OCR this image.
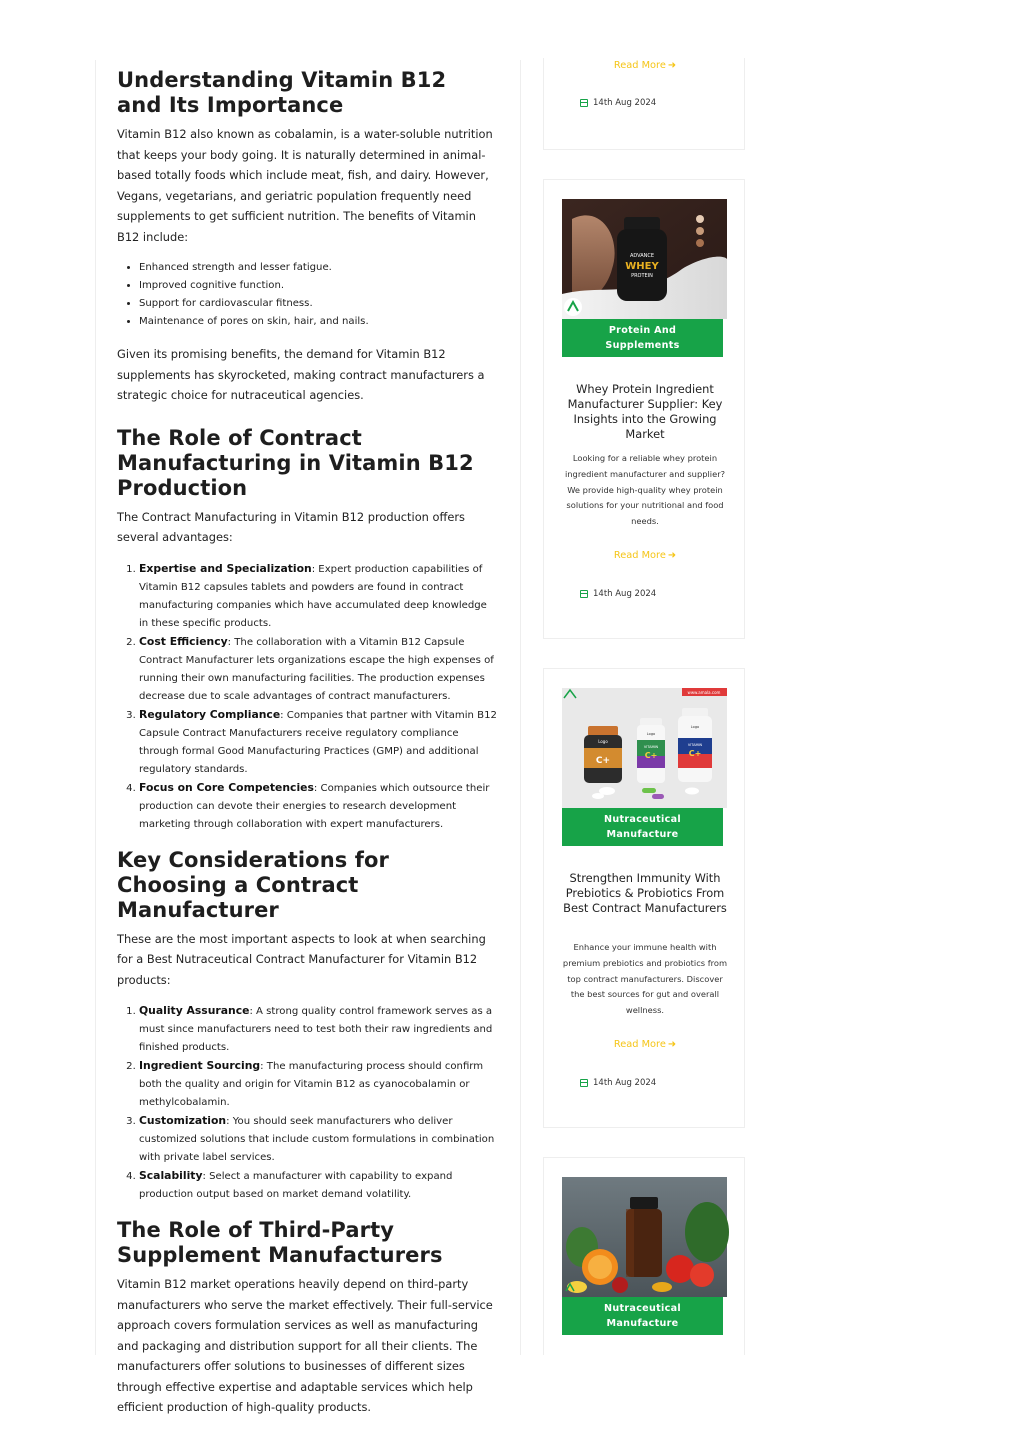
Understanding Vitamin B12 and Its Importance

Vitamin B12 also known as cobalamin, is a water-soluble nutrition that keeps your body going. It is naturally determined in animal-based totally foods which include meat, fish, and dairy. However, Vegans, vegetarians, and geriatric population frequently need supplements to get sufficient nutrition. The benefits of Vitamin B12 include:

• Enhanced strength and lesser fatigue.
• Improved cognitive function.
• Support for cardiovascular fitness.
• Maintenance of pores on skin, hair, and nails.

Given its promising benefits, the demand for Vitamin B12 supplements has skyrocketed, making contract manufacturers a strategic choice for nutraceutical agencies.

The Role of Contract Manufacturing in Vitamin B12 Production

The Contract Manufacturing in Vitamin B12 production offers several advantages:

1. Expertise and Specialization: Expert production capabilities of Vitamin B12 capsules tablets and powders are found in contract manufacturing companies which have accumulated deep knowledge in these specific products.
2. Cost Efficiency: The collaboration with a Vitamin B12 Capsule Contract Manufacturer lets organizations escape the high expenses of running their own manufacturing facilities. The production expenses decrease due to scale advantages of contract manufacturers.
3. Regulatory Compliance: Companies that partner with Vitamin B12 Capsule Contract Manufacturers receive regulatory compliance through formal Good Manufacturing Practices (GMP) and additional regulatory standards.
4. Focus on Core Competencies: Companies which outsource their production can devote their energies to research development marketing through collaboration with expert manufacturers.
Key Considerations for Choosing a Contract Manufacturer

These are the most important aspects to look at when searching for a Best Nutraceutical Contract Manufacturer for Vitamin B12 products:

1. Quality Assurance: A strong quality control framework serves as a must since manufacturers need to test both their raw ingredients and finished products.
2. Ingredient Sourcing: The manufacturing process should confirm both the quality and origin for Vitamin B12 as cyanocobalamin or methylcobalamin.
3. Customization: You should seek manufacturers who deliver customized solutions that include custom formulations in combination with private label services.
4. Scalability: Select a manufacturer with capability to expand production output based on market demand volatility.
The Role of Third-Party Supplement Manufacturers

Vitamin B12 market operations heavily depend on third-party manufacturers who serve the market effectively. Their full-service approach covers formulation services as well as manufacturing and packaging and distribution support for all their clients. The manufacturers offer solutions to businesses of different sizes through effective expertise and adaptable services which help efficient production of high-quality products.

Read More ➜
14th Aug 2024
ADVANCE
WHEY
PROTEIN
Protein And
Supplements
Whey Protein Ingredient Manufacturer Supplier: Key Insights into the Growing Market
Looking for a reliable whey protein ingredient manufacturer and supplier? We provide high-quality whey protein solutions for your nutritional and food needs.
Read More ➜
14th Aug 2024
www.amala.com
Logo
C+
Logo
VITAMIN
C+
Logo
VITAMIN
C+
Nutraceutical
Manufacture
Strengthen Immunity With Prebiotics & Probiotics From Best Contract Manufacturers
Enhance your immune health with premium prebiotics and probiotics from top contract manufacturers. Discover the best sources for gut and overall wellness.
Read More ➜
14th Aug 2024
Nutraceutical
Manufacture
